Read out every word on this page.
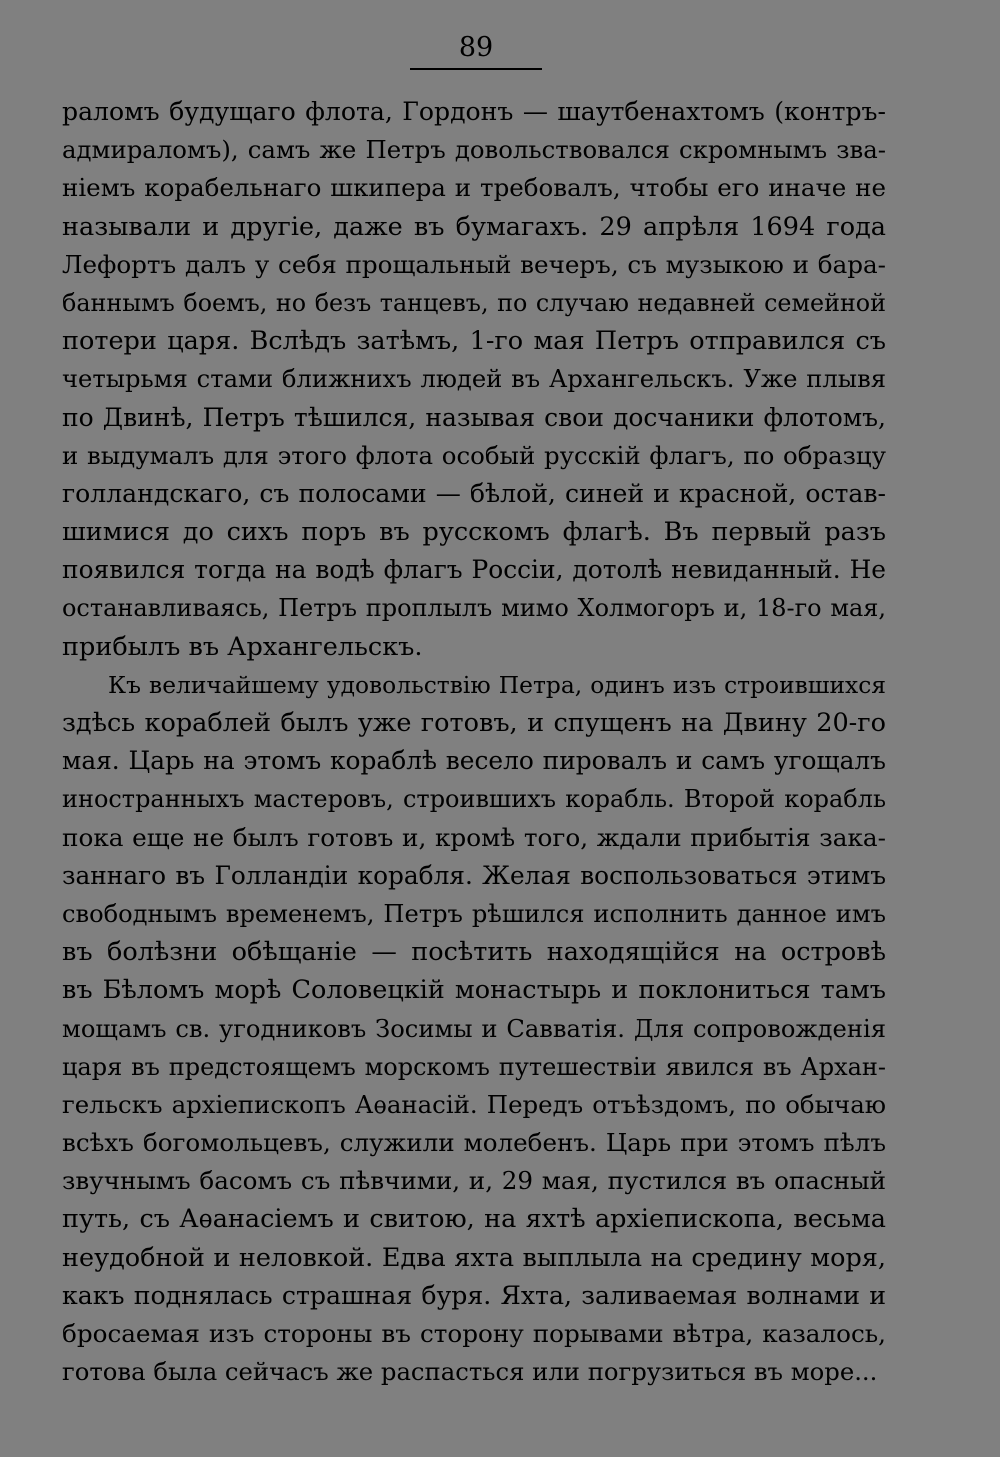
89
раломъ будущаго флота, Гордонъ — шаутбенахтомъ (контръ-
адмираломъ), самъ же Петръ довольствовался скромнымъ зва-
ніемъ корабельнаго шкипера и требовалъ, чтобы его иначе не
называли и другіе, даже въ бумагахъ. 29 апрѣля 1694 года
Лефортъ далъ у себя прощальный вечеръ, съ музыкою и бара-
баннымъ боемъ, но безъ танцевъ, по случаю недавней семейной
потери царя. Вслѣдъ затѣмъ, 1-го мая Петръ отправился съ
четырьмя стами ближнихъ людей въ Архангельскъ. Уже плывя
по Двинѣ, Петръ тѣшился, называя свои досчаники флотомъ,
и выдумалъ для этого флота особый русскій флагъ, по образцу
голландскаго, съ полосами — бѣлой, синей и красной, остав-
шимися до сихъ поръ въ русскомъ флагѣ. Въ первый разъ
появился тогда на водѣ флагъ Россіи, дотолѣ невиданный. Не
останавливаясь, Петръ проплылъ мимо Холмогоръ и, 18-го мая,
прибылъ въ Архангельскъ.
Къ величайшему удовольствію Петра, одинъ изъ строившихся
здѣсь кораблей былъ уже готовъ, и спущенъ на Двину 20-го
мая. Царь на этомъ кораблѣ весело пировалъ и самъ угощалъ
иностранныхъ мастеровъ, строившихъ корабль. Второй корабль
пока еще не былъ готовъ и, кромѣ того, ждали прибытія зака-
заннаго въ Голландіи корабля. Желая воспользоваться этимъ
свободнымъ временемъ, Петръ рѣшился исполнить данное имъ
въ болѣзни обѣщаніе — посѣтить находящійся на островѣ
въ Бѣломъ морѣ Соловецкій монастырь и поклониться тамъ
мощамъ св. угодниковъ Зосимы и Савватія. Для сопровожденія
царя въ предстоящемъ морскомъ путешествіи явился въ Архан-
гельскъ архіепископъ Аѳанасій. Передъ отъѣздомъ, по обычаю
всѣхъ богомольцевъ, служили молебенъ. Царь при этомъ пѣлъ
звучнымъ басомъ съ пѣвчими, и, 29 мая, пустился въ опасный
путь, съ Аѳанасіемъ и свитою, на яхтѣ архіепископа, весьма
неудобной и неловкой. Едва яхта выплыла на средину моря,
какъ поднялась страшная буря. Яхта, заливаемая волнами и
бросаемая изъ стороны въ сторону порывами вѣтра, казалось,
готова была сейчасъ же распасться или погрузиться въ море...
